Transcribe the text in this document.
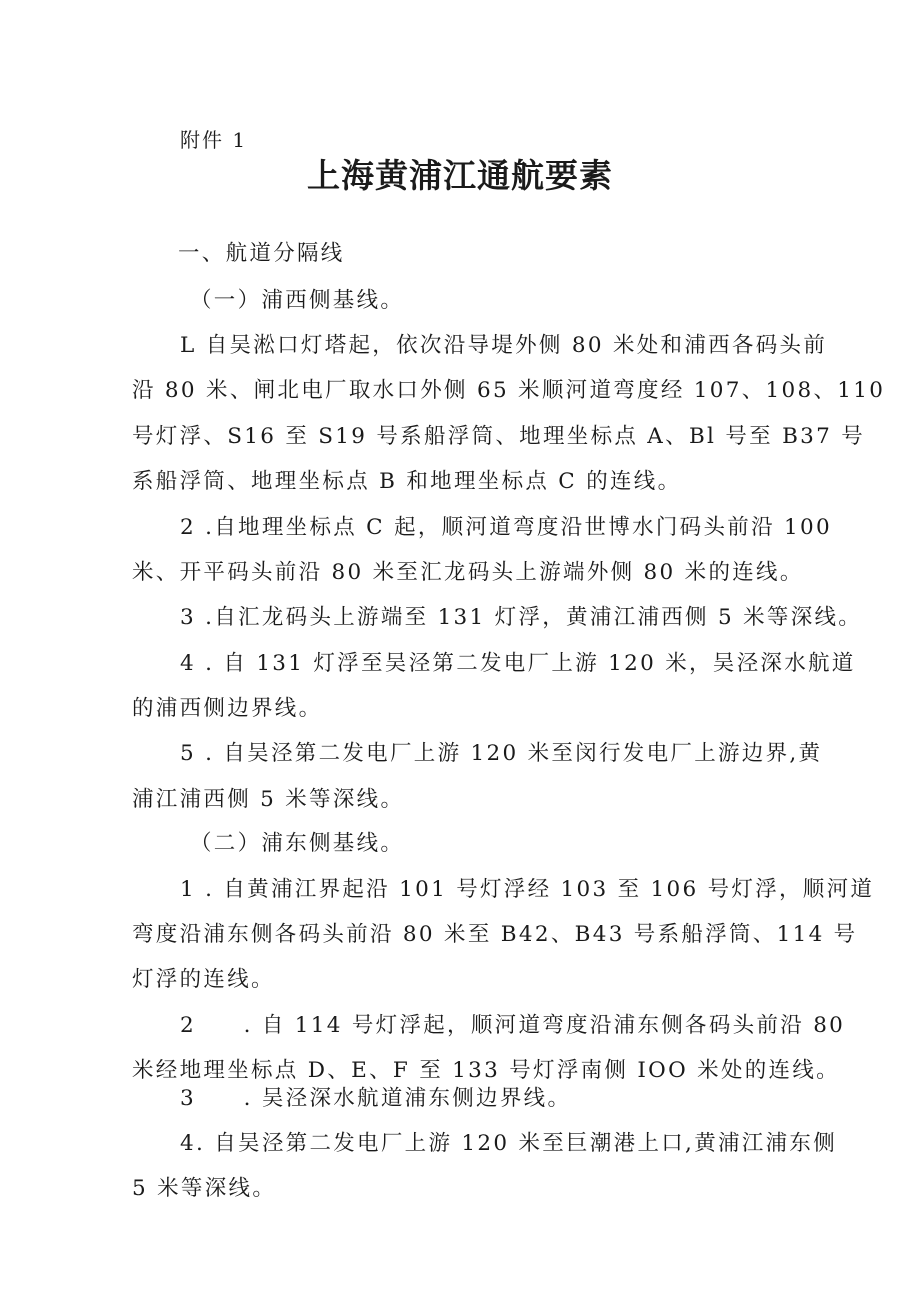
附件 1
上海黄浦江通航要素
一、航道分隔线
（一）浦西侧基线。
L 自吴淞口灯塔起，依次沿导堤外侧 80 米处和浦西各码头前
沿 80 米、闸北电厂取水口外侧 65 米顺河道弯度经 107、108、110
号灯浮、S16 至 S19 号系船浮筒、地理坐标点 A、Bl 号至 B37 号
系船浮筒、地理坐标点 B 和地理坐标点 C 的连线。
2 .自地理坐标点 C 起，顺河道弯度沿世博水门码头前沿 100
米、开平码头前沿 80 米至汇龙码头上游端外侧 80 米的连线。
3 .自汇龙码头上游端至 131 灯浮，黄浦江浦西侧 5 米等深线。
4 . 自 131 灯浮至吴泾第二发电厂上游 120 米，吴泾深水航道
的浦西侧边界线。
5 . 自吴泾第二发电厂上游 120 米至闵行发电厂上游边界,黄
浦江浦西侧 5 米等深线。
（二）浦东侧基线。
1 . 自黄浦江界起沿 101 号灯浮经 103 至 106 号灯浮，顺河道
弯度沿浦东侧各码头前沿 80 米至 B42、B43 号系船浮筒、114 号
灯浮的连线。
2　　. 自 114 号灯浮起，顺河道弯度沿浦东侧各码头前沿 80
米经地理坐标点 D、E、F 至 133 号灯浮南侧 IOO 米处的连线。
3　　. 吴泾深水航道浦东侧边界线。
4. 自吴泾第二发电厂上游 120 米至巨潮港上口,黄浦江浦东侧
5 米等深线。
